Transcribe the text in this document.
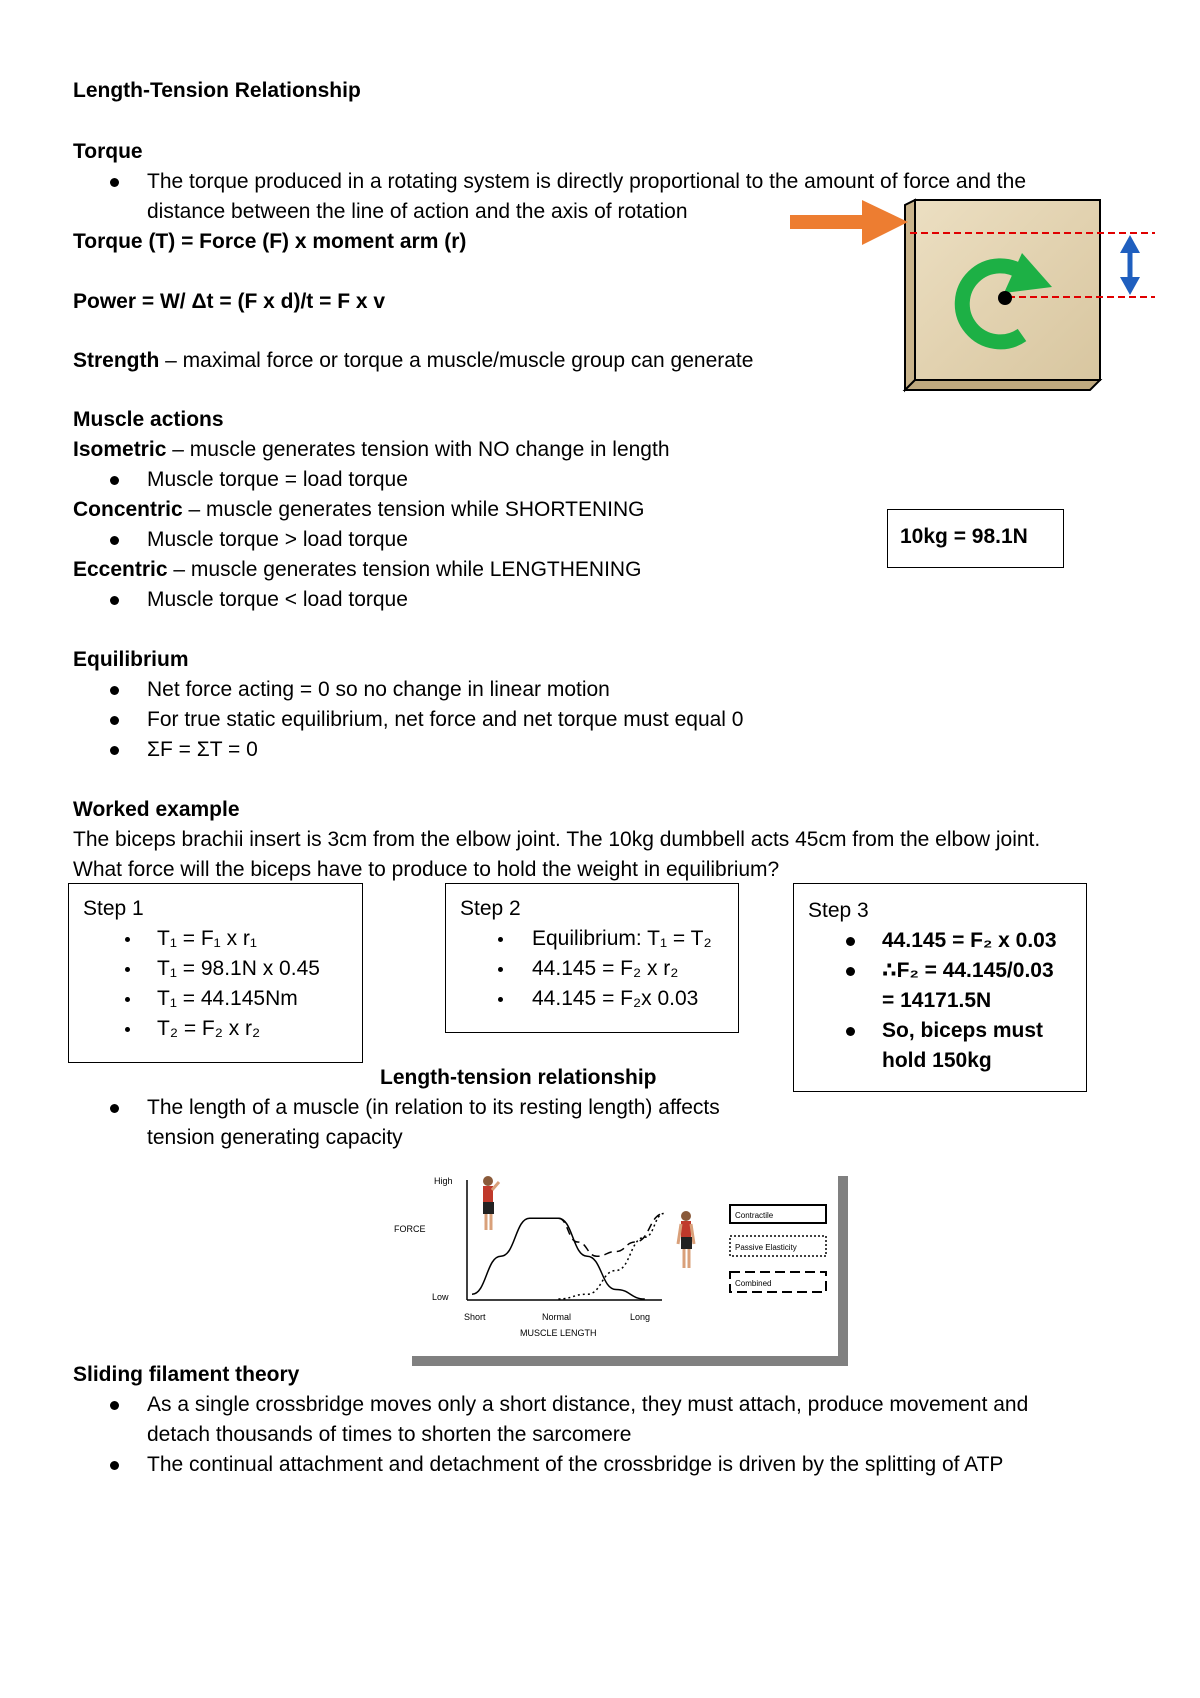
Length-Tension Relationship
Torque
The torque produced in a rotating system is directly proportional to the amount of force and the
distance between the line of action and the axis of rotation
Torque (T) = Force (F) x moment arm (r)
Power = W/ Δt = (F x d)/t = F x v
Strength – maximal force or torque a muscle/muscle group can generate
Muscle actions
Isometric – muscle generates tension with NO change in length
Muscle torque = load torque
Concentric – muscle generates tension while SHORTENING
Muscle torque > load torque
Eccentric – muscle generates tension while LENGTHENING
Muscle torque < load torque
10kg = 98.1N
Equilibrium
Net force acting = 0 so no change in linear motion
For true static equilibrium, net force and net torque must equal 0
ΣF = ΣT = 0
Worked example
The biceps brachii insert is 3cm from the elbow joint. The 10kg dumbbell acts 45cm from the elbow joint.
What force will the biceps have to produce to hold the weight in equilibrium?
Step 1
T₁ = F₁ x r₁
T₁ = 98.1N x 0.45
T₁ = 44.145Nm
T₂ = F₂ x r₂
Step 2
Equilibrium: T₁ = T₂
44.145 = F₂ x r₂
44.145 = F₂x 0.03
Step 3
44.145 = F₂ x 0.03
∴F₂ = 44.145/0.03
= 14171.5N
So, biceps must
hold 150kg
Length-tension relationship
The length of a muscle (in relation to its resting length) affects
tension generating capacity
High
Low
FORCE
Short	Normal	Long
MUSCLE LENGTH
Contractile
Passive Elasticity
Combined
Sliding filament theory
As a single crossbridge moves only a short distance, they must attach, produce movement and
detach thousands of times to shorten the sarcomere
The continual attachment and detachment of the crossbridge is driven by the splitting of ATP
